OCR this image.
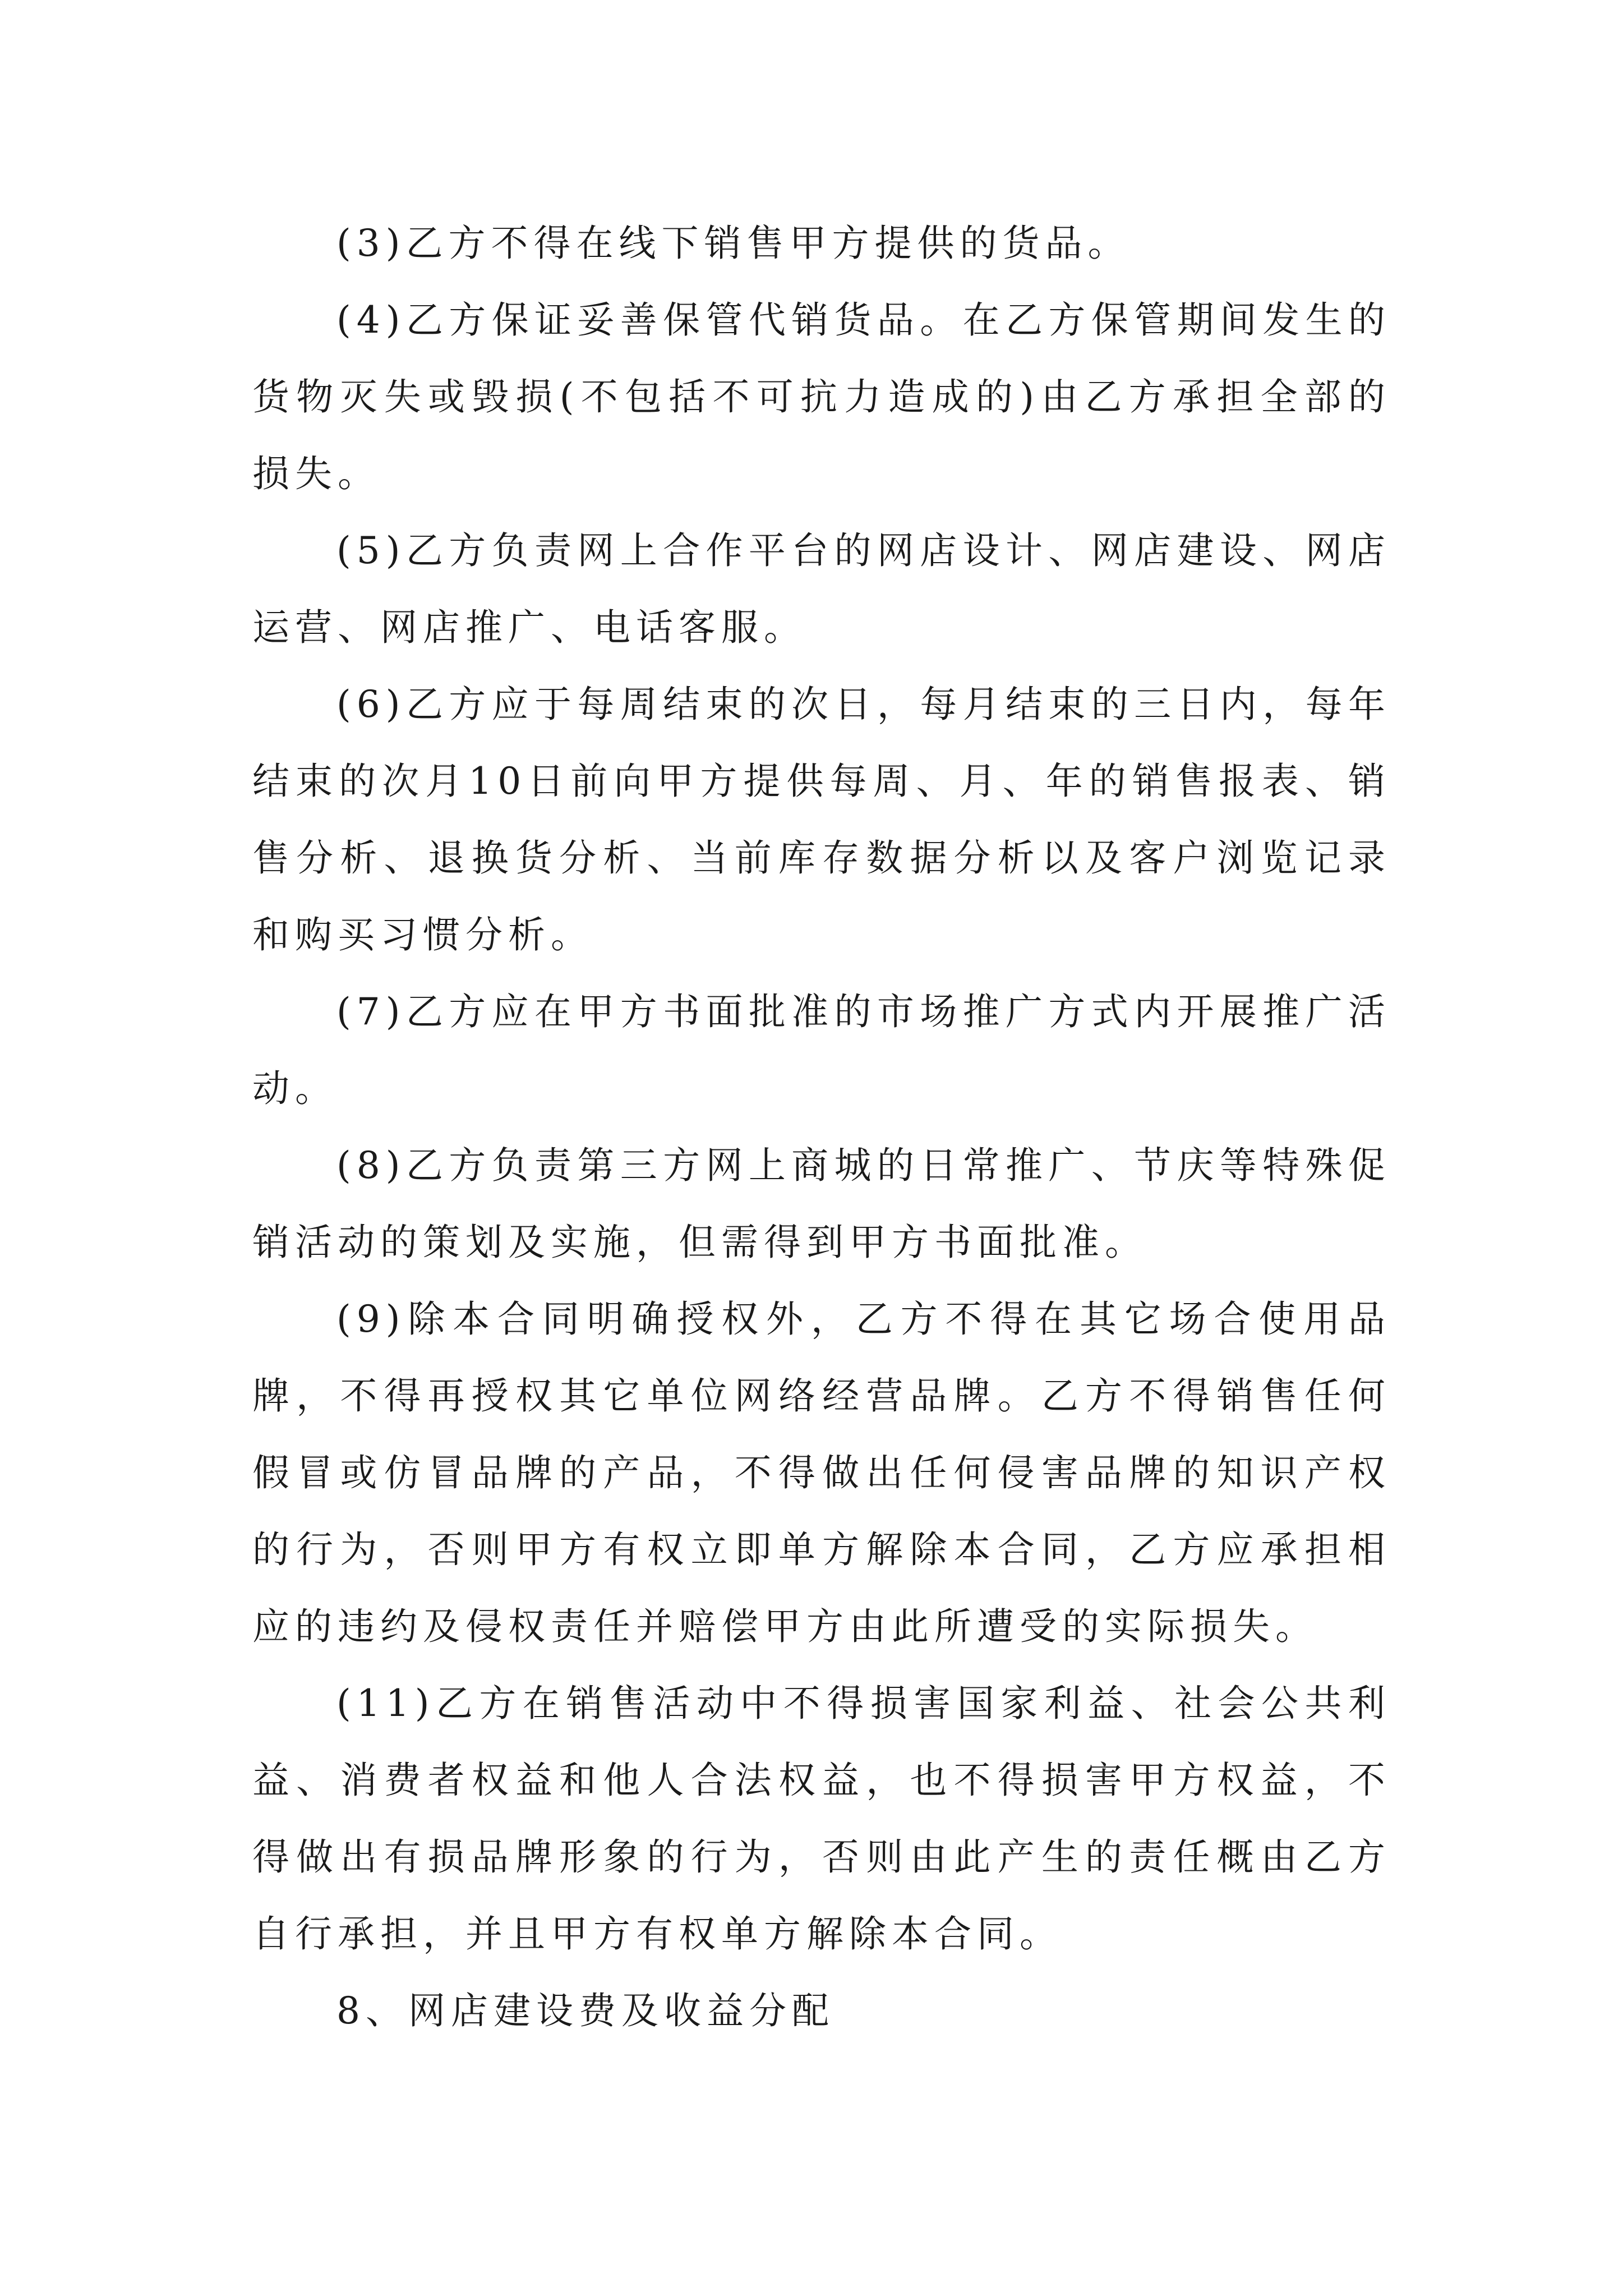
(3)乙方不得在线下销售甲方提供的货品。

(4)乙方保证妥善保管代销货品。在乙方保管期间发生的货物灭失或毁损(不包括不可抗力造成的)由乙方承担全部的损失。

(5)乙方负责网上合作平台的网店设计、网店建设、网店运营、网店推广、电话客服。

(6)乙方应于每周结束的次日，每月结束的三日内，每年结束的次月10日前向甲方提供每周、月、年的销售报表、销售分析、退换货分析、当前库存数据分析以及客户浏览记录和购买习惯分析。

(7)乙方应在甲方书面批准的市场推广方式内开展推广活动。

(8)乙方负责第三方网上商城的日常推广、节庆等特殊促销活动的策划及实施，但需得到甲方书面批准。

(9)除本合同明确授权外，乙方不得在其它场合使用品牌，不得再授权其它单位网络经营品牌。乙方不得销售任何假冒或仿冒品牌的产品，不得做出任何侵害品牌的知识产权的行为，否则甲方有权立即单方解除本合同，乙方应承担相应的违约及侵权责任并赔偿甲方由此所遭受的实际损失。

(11)乙方在销售活动中不得损害国家利益、社会公共利益、消费者权益和他人合法权益，也不得损害甲方权益，不得做出有损品牌形象的行为，否则由此产生的责任概由乙方自行承担，并且甲方有权单方解除本合同。

8、网店建设费及收益分配
